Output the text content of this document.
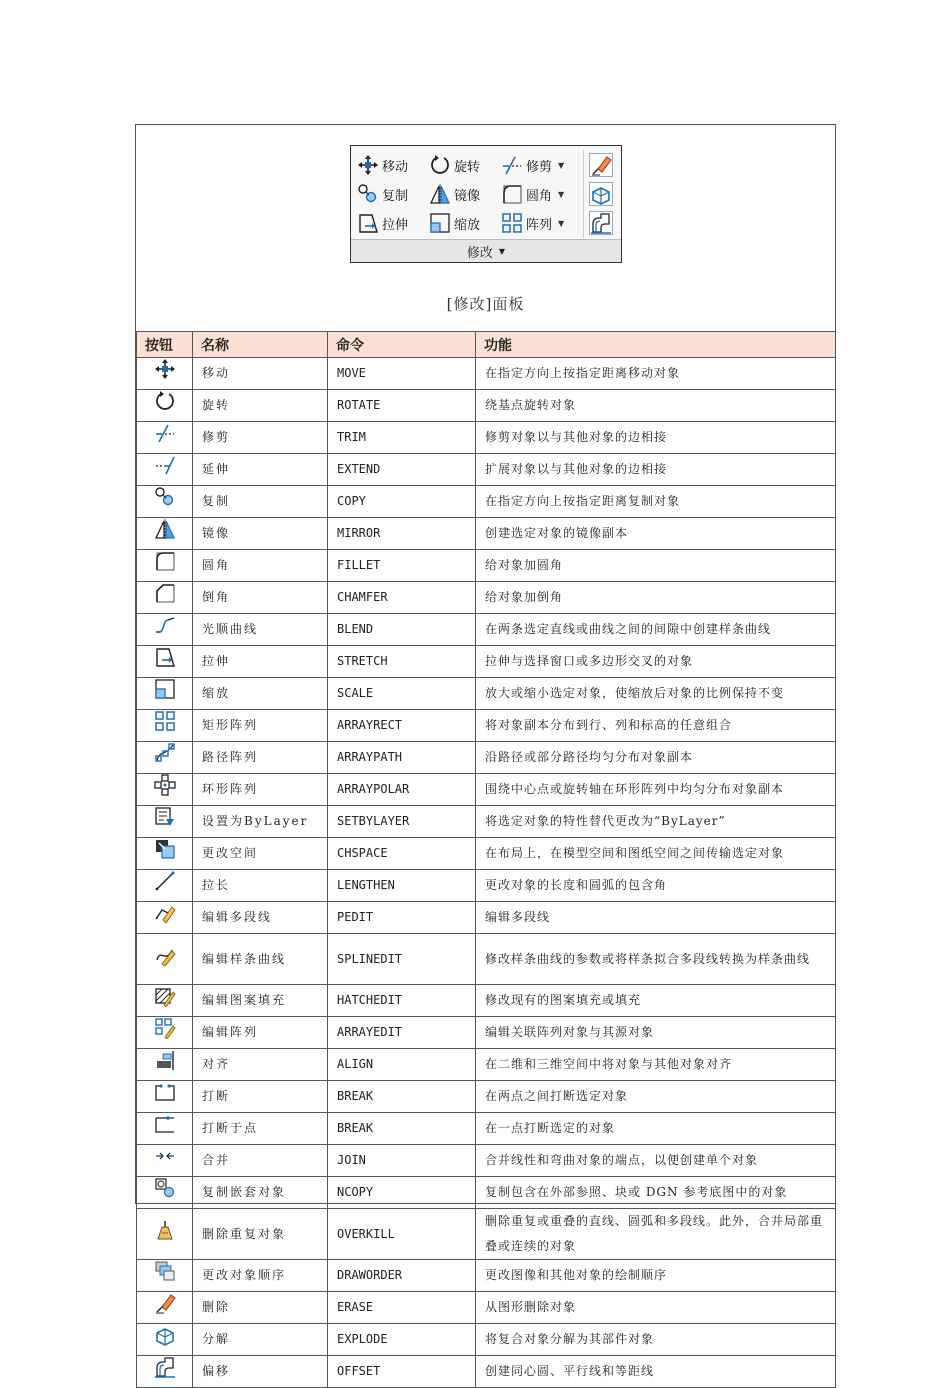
移动	旋转	修剪 ▼
复制	镜像	圆角 ▼
拉伸	缩放	阵列 ▼
修改 ▼
[修改]面板
按钮	名称	命令	功能

	移动	MOVE	在指定方向上按指定距离移动对象

	旋转	ROTATE	绕基点旋转对象

	修剪	TRIM	修剪对象以与其他对象的边相接

	延伸	EXTEND	扩展对象以与其他对象的边相接

	复制	COPY	在指定方向上按指定距离复制对象

	镜像	MIRROR	创建选定对象的镜像副本

	圆角	FILLET	给对象加圆角

	倒角	CHAMFER	给对象加倒角

	光顺曲线	BLEND	在两条选定直线或曲线之间的间隙中创建样条曲线

	拉伸	STRETCH	拉伸与选择窗口或多边形交叉的对象

	缩放	SCALE	放大或缩小选定对象，使缩放后对象的比例保持不变

	矩形阵列	ARRAYRECT	将对象副本分布到行、列和标高的任意组合

	路径阵列	ARRAYPATH	沿路径或部分路径均匀分布对象副本

	环形阵列	ARRAYPOLAR	围绕中心点或旋转轴在环形阵列中均匀分布对象副本

	设置为ByLayer	SETBYLAYER	将选定对象的特性替代更改为“ByLayer”

	更改空间	CHSPACE	在布局上，在模型空间和图纸空间之间传输选定对象

	拉长	LENGTHEN	更改对象的长度和圆弧的包含角

	编辑多段线	PEDIT	编辑多段线

	编辑样条曲线	SPLINEDIT	修改样条曲线的参数或将样条拟合多段线转换为样条曲线

	编辑图案填充	HATCHEDIT	修改现有的图案填充或填充

	编辑阵列	ARRAYEDIT	编辑关联阵列对象与其源对象

	对齐	ALIGN	在二维和三维空间中将对象与其他对象对齐

	打断	BREAK	在两点之间打断选定对象

	打断于点	BREAK	在一点打断选定的对象

	合并	JOIN	合并线性和弯曲对象的端点，以便创建单个对象

	复制嵌套对象	NCOPY	复制包含在外部参照、块或 DGN 参考底图中的对象

	删除重复对象	OVERKILL	删除重复或重叠的直线、圆弧和多段线。此外，合并局部重叠或连续的对象

	更改对象顺序	DRAWORDER	更改图像和其他对象的绘制顺序

	删除	ERASE	从图形删除对象

	分解	EXPLODE	将复合对象分解为其部件对象

	偏移	OFFSET	创建同心圆、平行线和等距线
